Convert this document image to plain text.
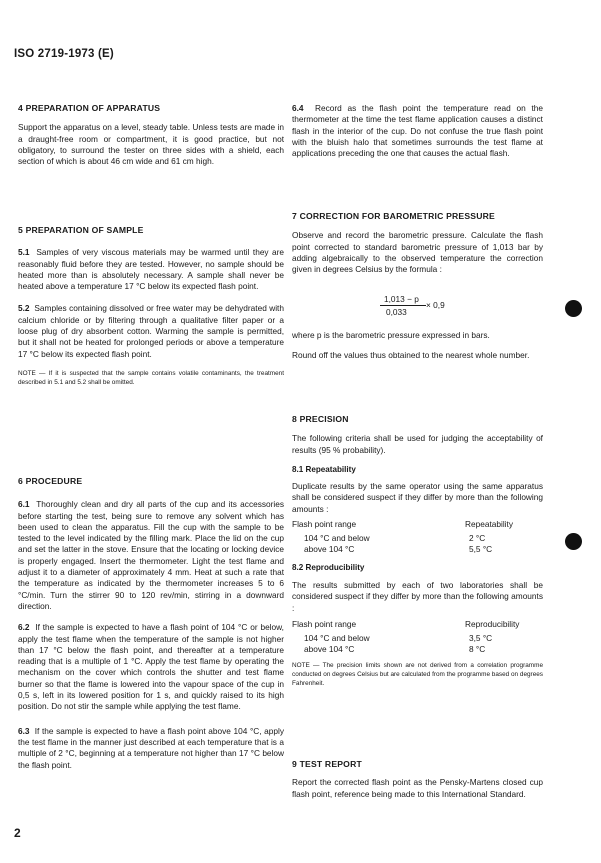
ISO 2719-1973 (E)
4 PREPARATION OF APPARATUS

Support the apparatus on a level, steady table. Unless tests are made in a draught-free room or compartment, it is good practice, but not obligatory, to surround the tester on three sides with a shield, each section of which is about 46 cm wide and 61 cm high.

5 PREPARATION OF SAMPLE

5.1 Samples of very viscous materials may be warmed until they are reasonably fluid before they are tested. However, no sample should be heated more than is absolutely necessary. A sample shall never be heated above a temperature 17 °C below its expected flash point.

5.2 Samples containing dissolved or free water may be dehydrated with calcium chloride or by filtering through a qualitative filter paper or a loose plug of dry absorbent cotton. Warming the sample is permitted, but it shall not be heated for prolonged periods or above a temperature 17 °C below its expected flash point.

NOTE — If it is suspected that the sample contains volatile contaminants, the treatment described in 5.1 and 5.2 shall be omitted.

6 PROCEDURE

6.1 Thoroughly clean and dry all parts of the cup and its accessories before starting the test, being sure to remove any solvent which has been used to clean the apparatus. Fill the cup with the sample to be tested to the level indicated by the filling mark. Place the lid on the cup and set the latter in the stove. Ensure that the locating or locking device is properly engaged. Insert the thermometer. Light the test flame and adjust it to a diameter of approximately 4 mm. Heat at such a rate that the temperature as indicated by the thermometer increases 5 to 6 °C/min. Turn the stirrer 90 to 120 rev/min, stirring in a downward direction.

6.2 If the sample is expected to have a flash point of 104 °C or below, apply the test flame when the temperature of the sample is not higher than 17 °C below the flash point, and thereafter at a temperature reading that is a multiple of 1 °C. Apply the test flame by operating the mechanism on the cover which controls the shutter and test flame burner so that the flame is lowered into the vapour space of the cup in 0,5 s, left in its lowered position for 1 s, and quickly raised to its high position. Do not stir the sample while applying the test flame.

6.3 If the sample is expected to have a flash point above 104 °C, apply the test flame in the manner just described at each temperature that is a multiple of 2 °C, beginning at a temperature not higher than 17 °C below the flash point.

6.4 Record as the flash point the temperature read on the thermometer at the time the test flame application causes a distinct flash in the interior of the cup. Do not confuse the true flash point with the bluish halo that sometimes surrounds the test flame at applications preceding the one that causes the actual flash.

7 CORRECTION FOR BAROMETRIC PRESSURE

Observe and record the barometric pressure. Calculate the flash point corrected to standard barometric pressure of 1,013 bar by adding algebraically to the observed temperature the correction given in degrees Celsius by the formula :

1,013 − p
0,033
× 0,9

where p is the barometric pressure expressed in bars.

Round off the values thus obtained to the nearest whole number.

8 PRECISION

The following criteria shall be used for judging the acceptability of results (95 % probability).

8.1 Repeatability

Duplicate results by the same operator using the same apparatus shall be considered suspect if they differ by more than the following amounts :

Flash point range	Repeatability
104 °C and below	2 °C
above 104 °C	5,5 °C
8.2 Reproducibility

The results submitted by each of two laboratories shall be considered suspect if they differ by more than the following amounts :

Flash point range	Reproducibility
104 °C and below	3,5 °C
above 104 °C	8 °C

NOTE — The precision limits shown are not derived from a correlation programme conducted on degrees Celsius but are calculated from the programme based on degrees Fahrenheit.

9 TEST REPORT

Report the corrected flash point as the Pensky-Martens closed cup flash point, reference being made to this International Standard.

2
